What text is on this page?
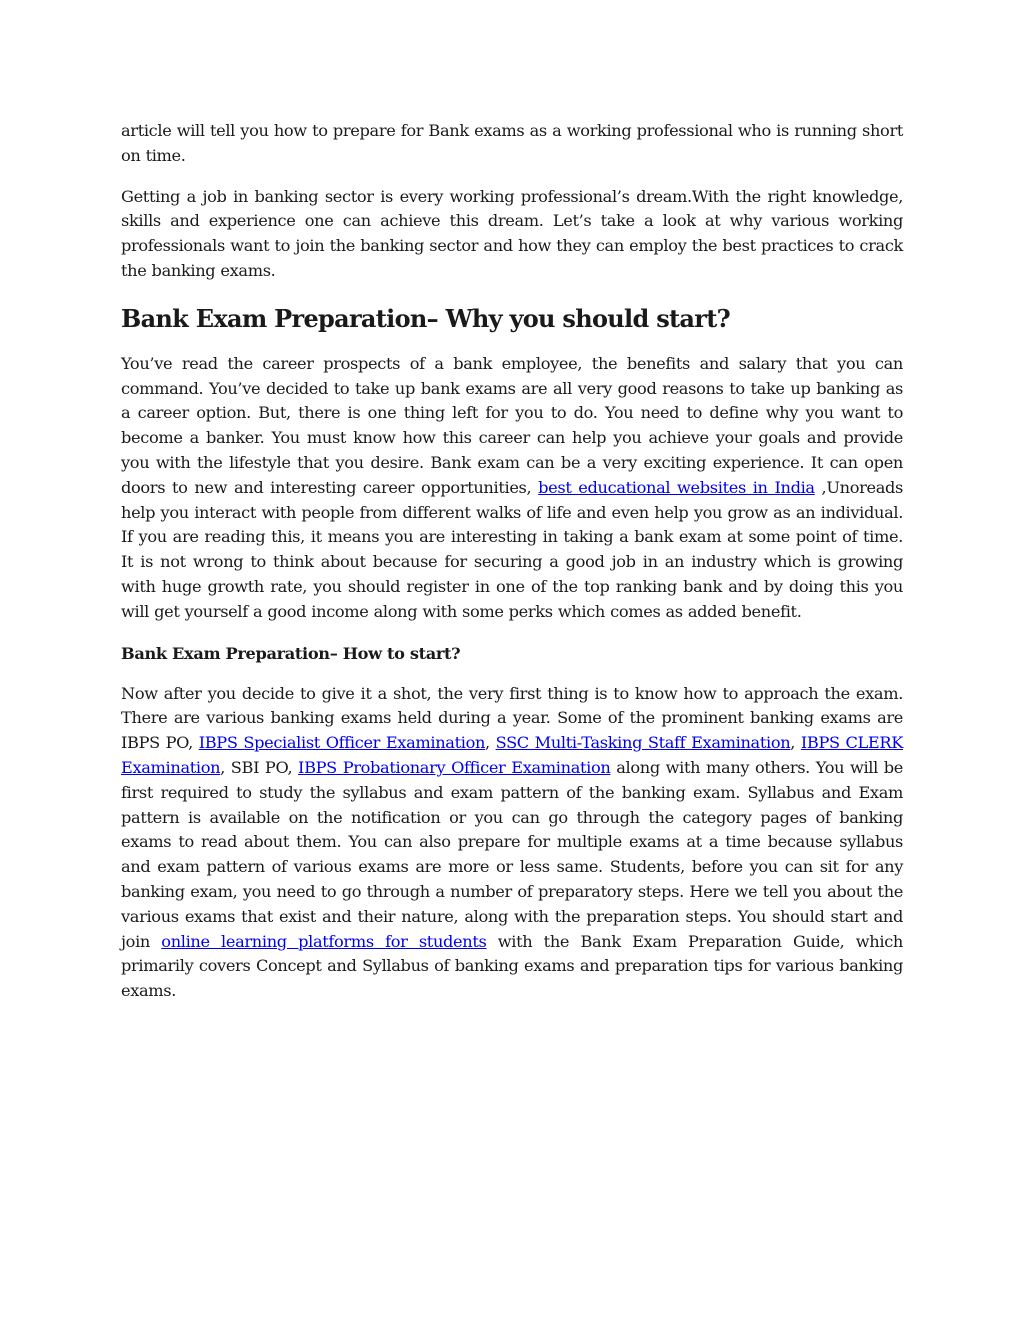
article will tell you how to prepare for Bank exams as a working professional who is running short on time.

Getting a job in banking sector is every working professional’s dream.With the right knowledge, skills and experience one can achieve this dream. Let’s take a look at why various working professionals want to join the banking sector and how they can employ the best practices to crack the banking exams.

Bank Exam Preparation– Why you should start?

You’ve read the career prospects of a bank employee, the benefits and salary that you can command. You’ve decided to take up bank exams are all very good reasons to take up banking as a career option. But, there is one thing left for you to do. You need to define why you want to become a banker. You must know how this career can help you achieve your goals and provide you with the lifestyle that you desire. Bank exam can be a very exciting experience. It can open doors to new and interesting career opportunities, best educational websites in India ,Unoreads help you interact with people from different walks of life and even help you grow as an individual. If you are reading this, it means you are interesting in taking a bank exam at some point of time. It is not wrong to think about because for securing a good job in an industry which is growing with huge growth rate, you should register in one of the top ranking bank and by doing this you will get yourself a good income along with some perks which comes as added benefit.

Bank Exam Preparation– How to start?

Now after you decide to give it a shot, the very first thing is to know how to approach the exam. There are various banking exams held during a year. Some of the prominent banking exams are IBPS PO, IBPS Specialist Officer Examination, SSC Multi-Tasking Staff Examination, IBPS CLERK Examination, SBI PO, IBPS Probationary Officer Examination along with many others. You will be first required to study the syllabus and exam pattern of the banking exam. Syllabus and Exam pattern is available on the notification or you can go through the category pages of banking exams to read about them. You can also prepare for multiple exams at a time because syllabus and exam pattern of various exams are more or less same. Students, before you can sit for any banking exam, you need to go through a number of preparatory steps. Here we tell you about the various exams that exist and their nature, along with the preparation steps. You should start and join online learning platforms for students with the Bank Exam Preparation Guide, which primarily covers Concept and Syllabus of banking exams and preparation tips for various banking exams.
